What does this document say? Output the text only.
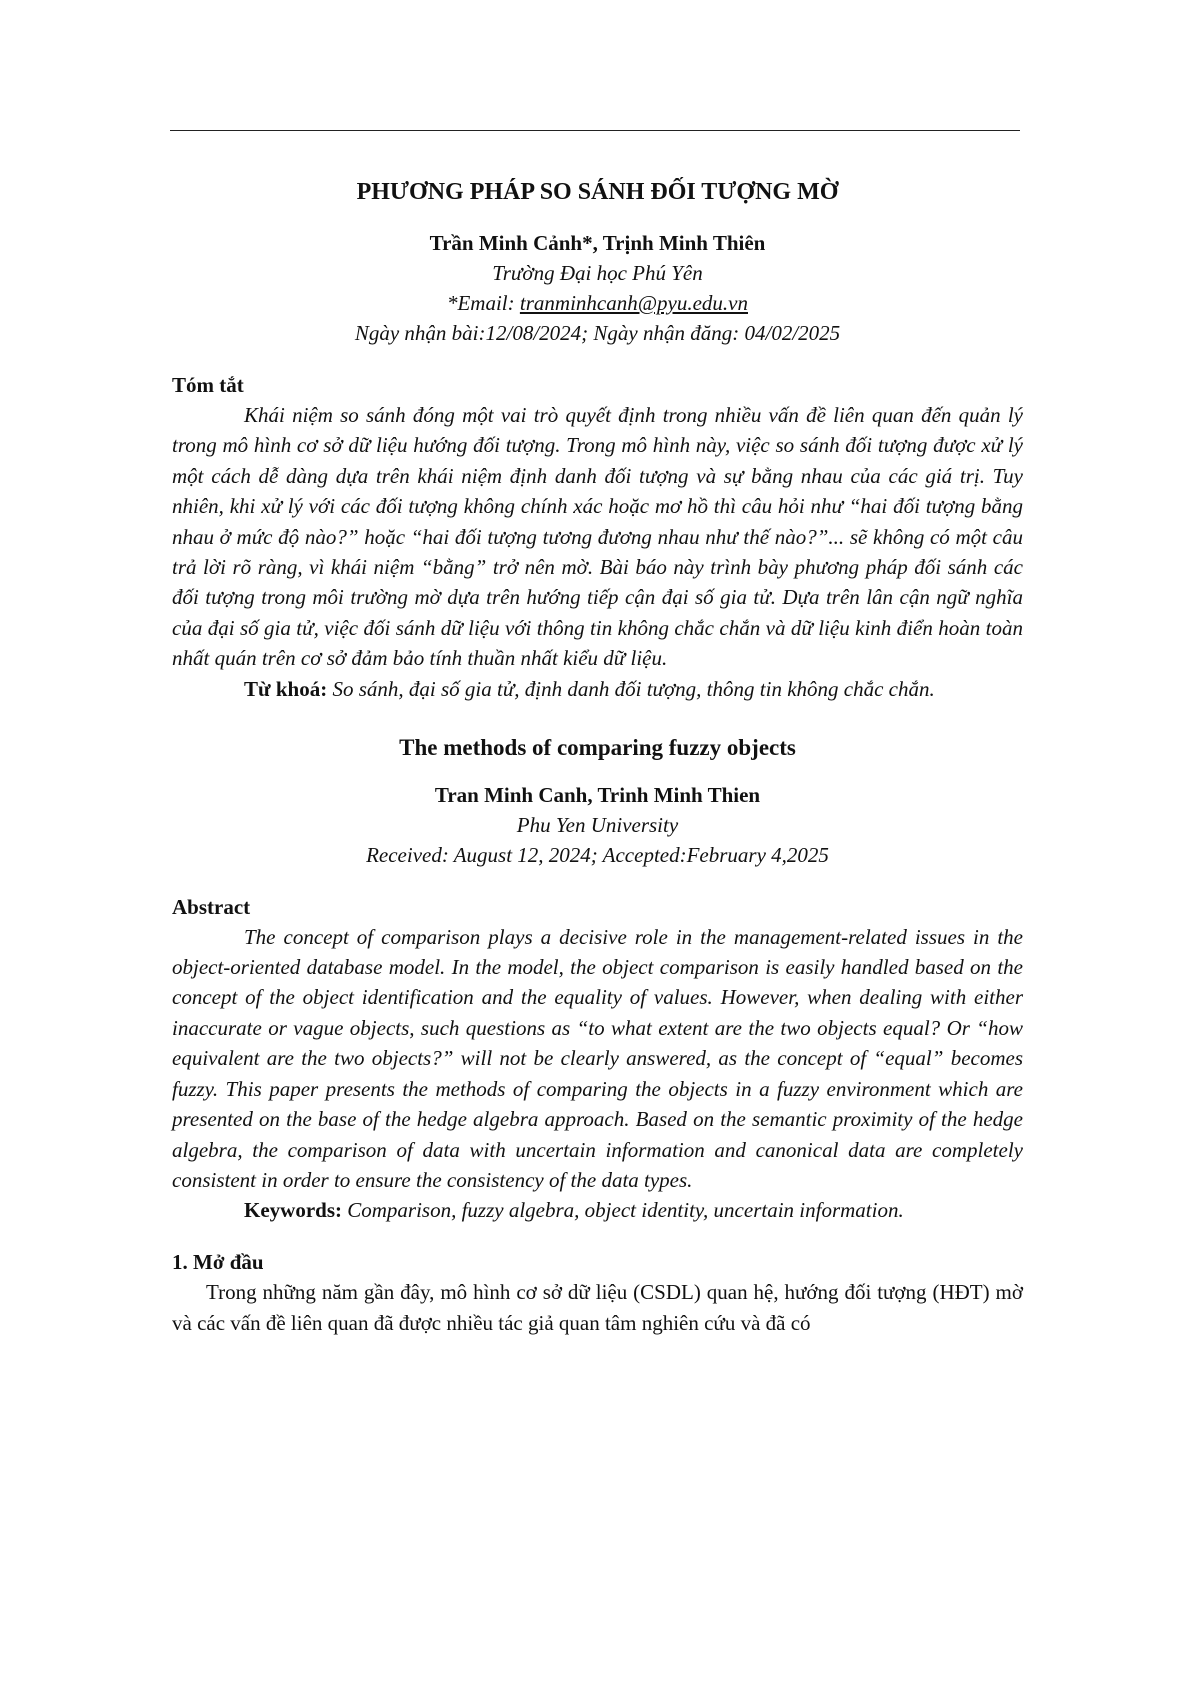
PHƯƠNG PHÁP SO SÁNH ĐỐI TƯỢNG MỜ
Trần Minh Cảnh*, Trịnh Minh Thiên
Trường Đại học Phú Yên
*Email: tranminhcanh@pyu.edu.vn
Ngày nhận bài:12/08/2024; Ngày nhận đăng: 04/02/2025
Tóm tắt

Khái niệm so sánh đóng một vai trò quyết định trong nhiều vấn đề liên quan đến quản lý trong mô hình cơ sở dữ liệu hướng đối tượng. Trong mô hình này, việc so sánh đối tượng được xử lý một cách dễ dàng dựa trên khái niệm định danh đối tượng và sự bằng nhau của các giá trị. Tuy nhiên, khi xử lý với các đối tượng không chính xác hoặc mơ hồ thì câu hỏi như “hai đối tượng bằng nhau ở mức độ nào?” hoặc “hai đối tượng tương đương nhau như thế nào?”... sẽ không có một câu trả lời rõ ràng, vì khái niệm “bằng” trở nên mờ. Bài báo này trình bày phương pháp đối sánh các đối tượng trong môi trường mờ dựa trên hướng tiếp cận đại số gia tử. Dựa trên lân cận ngữ nghĩa của đại số gia tử, việc đối sánh dữ liệu với thông tin không chắc chắn và dữ liệu kinh điển hoàn toàn nhất quán trên cơ sở đảm bảo tính thuần nhất kiểu dữ liệu.

Từ khoá: So sánh, đại số gia tử, định danh đối tượng, thông tin không chắc chắn.
The methods of comparing fuzzy objects
Tran Minh Canh, Trinh Minh Thien
Phu Yen University
Received: August 12, 2024; Accepted:February 4,2025
Abstract

The concept of comparison plays a decisive role in the management-related issues in the object-oriented database model. In the model, the object comparison is easily handled based on the concept of the object identification and the equality of values. However, when dealing with either inaccurate or vague objects, such questions as “to what extent are the two objects equal? Or “how equivalent are the two objects?” will not be clearly answered, as the concept of “equal” becomes fuzzy. This paper presents the methods of comparing the objects in a fuzzy environment which are presented on the base of the hedge algebra approach. Based on the semantic proximity of the hedge algebra, the comparison of data with uncertain information and canonical data are completely consistent in order to ensure the consistency of the data types.

Keywords: Comparison, fuzzy algebra, object identity, uncertain information.
1. Mở đầu

Trong những năm gần đây, mô hình cơ sở dữ liệu (CSDL) quan hệ, hướng đối tượng (HĐT) mờ và các vấn đề liên quan đã được nhiều tác giả quan tâm nghiên cứu và đã có
